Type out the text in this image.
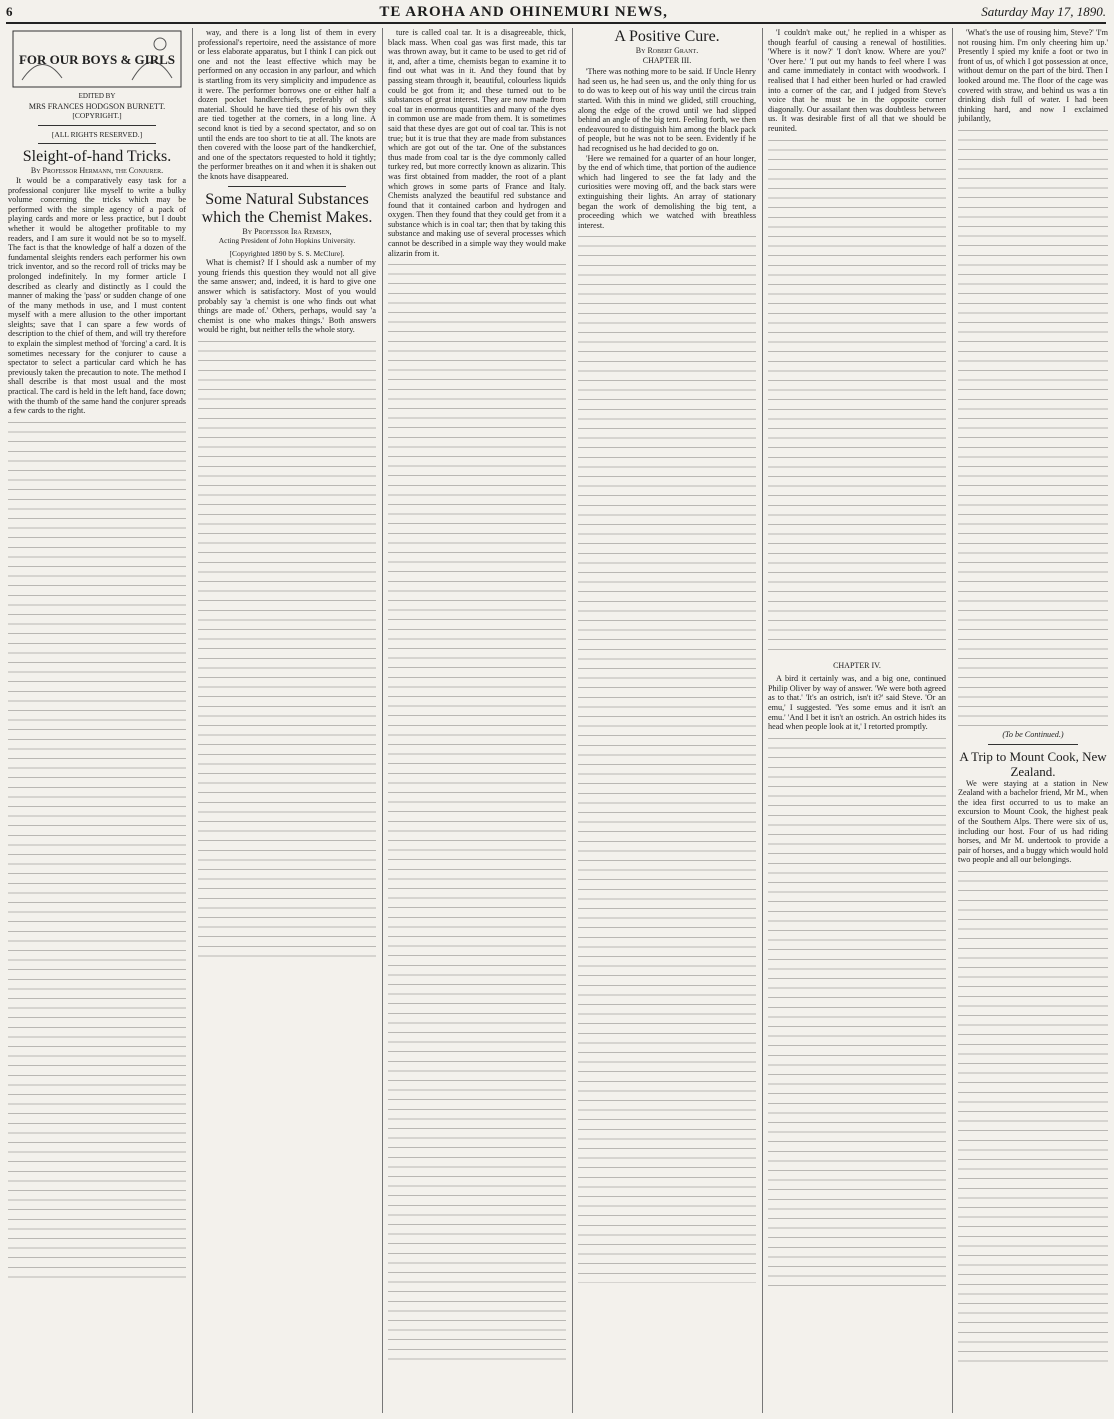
6	TE AROHA AND OHINEMURI NEWS,	Saturday May 17, 1890.
FOR OUR BOYS & GIRLS

EDITED BY

MRS FRANCES HODGSON BURNETT.

[COPYRIGHT.]

[ALL RIGHTS RESERVED.]

Sleight-of-hand Tricks.

By Professor Hermann, the Conjurer.

It would be a comparatively easy task for a professional conjurer like myself to write a bulky volume concerning the tricks which may be performed with the simple agency of a pack of playing cards and more or less practice, but I doubt whether it would be altogether profitable to my readers, and I am sure it would not be so to myself. The fact is that the knowledge of half a dozen of the fundamental sleights renders each performer his own trick inventor, and so the record roll of tricks may be prolonged indefinitely. In my former article I described as clearly and distinctly as I could the manner of making the 'pass' or sudden change of one of the many methods in use, and I must content myself with a mere allusion to the other important sleights; save that I can spare a few words of description to the chief of them, and will try therefore to explain the simplest method of 'forcing' a card. It is sometimes necessary for the conjurer to cause a spectator to select a particular card which he has previously taken the precaution to note. The method I shall describe is that most usual and the most practical. The card is held in the left hand, face down; with the thumb of the same hand the conjurer spreads a few cards to the right.

way, and there is a long list of them in every professional's repertoire, need the assistance of more or less elaborate apparatus, but I think I can pick out one and not the least effective which may be performed on any occasion in any parlour, and which is startling from its very simplicity and impudence as it were. The performer borrows one or either half a dozen pocket handkerchiefs, preferably of silk material. Should he have tied these of his own they are tied together at the corners, in a long line. A second knot is tied by a second spectator, and so on until the ends are too short to tie at all. The knots are then covered with the loose part of the handkerchief, and one of the spectators requested to hold it tightly; the performer breathes on it and when it is shaken out the knots have disappeared.

Some Natural Substances which the Chemist Makes.

By Professor Ira Remsen,

Acting President of John Hopkins University.

[Copyrighted 1890 by S. S. McClure].

What is chemist? If I should ask a number of my young friends this question they would not all give the same answer; and, indeed, it is hard to give one answer which is satisfactory. Most of you would probably say 'a chemist is one who finds out what things are made of.' Others, perhaps, would say 'a chemist is one who makes things.' Both answers would be right, but neither tells the whole story.

ture is called coal tar. It is a disagreeable, thick, black mass. When coal gas was first made, this tar was thrown away, but it came to be used to get rid of it, and, after a time, chemists began to examine it to find out what was in it. And they found that by passing steam through it, beautiful, colourless liquids could be got from it; and these turned out to be substances of great interest. They are now made from coal tar in enormous quantities and many of the dyes in common use are made from them. It is sometimes said that these dyes are got out of coal tar. This is not true; but it is true that they are made from substances which are got out of the tar. One of the substances thus made from coal tar is the dye commonly called turkey red, but more correctly known as alizarin. This was first obtained from madder, the root of a plant which grows in some parts of France and Italy. Chemists analyzed the beautiful red substance and found that it contained carbon and hydrogen and oxygen. Then they found that they could get from it a substance which is in coal tar; then that by taking this substance and making use of several processes which cannot be described in a simple way they would make alizarin from it.

A Positive Cure.

By Robert Grant.

CHAPTER III.

'There was nothing more to be said. If Uncle Henry had seen us, he had seen us, and the only thing for us to do was to keep out of his way until the circus train started. With this in mind we glided, still crouching, along the edge of the crowd until we had slipped behind an angle of the big tent. Feeling forth, we then endeavoured to distinguish him among the black pack of people, but he was not to be seen. Evidently if he had recognised us he had decided to go on.

'Here we remained for a quarter of an hour longer, by the end of which time, that portion of the audience which had lingered to see the fat lady and the curiosities were moving off, and the back stars were extinguishing their lights. An array of stationary began the work of demolishing the big tent, a proceeding which we watched with breathless interest.

'I couldn't make out,' he replied in a whisper as though fearful of causing a renewal of hostilities. 'Where is it now?' 'I don't know. Where are you?' 'Over here.' 'I put out my hands to feel where I was and came immediately in contact with woodwork. I realised that I had either been hurled or had crawled into a corner of the car, and I judged from Steve's voice that he must be in the opposite corner diagonally. Our assailant then was doubtless between us. It was desirable first of all that we should be reunited.

CHAPTER IV.

A bird it certainly was, and a big one, continued Philip Oliver by way of answer. 'We were both agreed as to that.' 'It's an ostrich, isn't it?' said Steve. 'Or an emu,' I suggested. 'Yes some emus and it isn't an emu.' 'And I bet it isn't an ostrich. An ostrich hides its head when people look at it,' I retorted promptly.

'What's the use of rousing him, Steve?' 'I'm not rousing him. I'm only cheering him up.' Presently I spied my knife a foot or two in front of us, of which I got possession at once, without demur on the part of the bird. Then I looked around me. The floor of the cage was covered with straw, and behind us was a tin drinking dish full of water. I had been thinking hard, and now I exclaimed jubilantly,

(To be Continued.)

A Trip to Mount Cook, New Zealand.

We were staying at a station in New Zealand with a bachelor friend, Mr M., when the idea first occurred to us to make an excursion to Mount Cook, the highest peak of the Southern Alps. There were six of us, including our host. Four of us had riding horses, and Mr M. undertook to provide a pair of horses, and a buggy which would hold two people and all our belongings.
